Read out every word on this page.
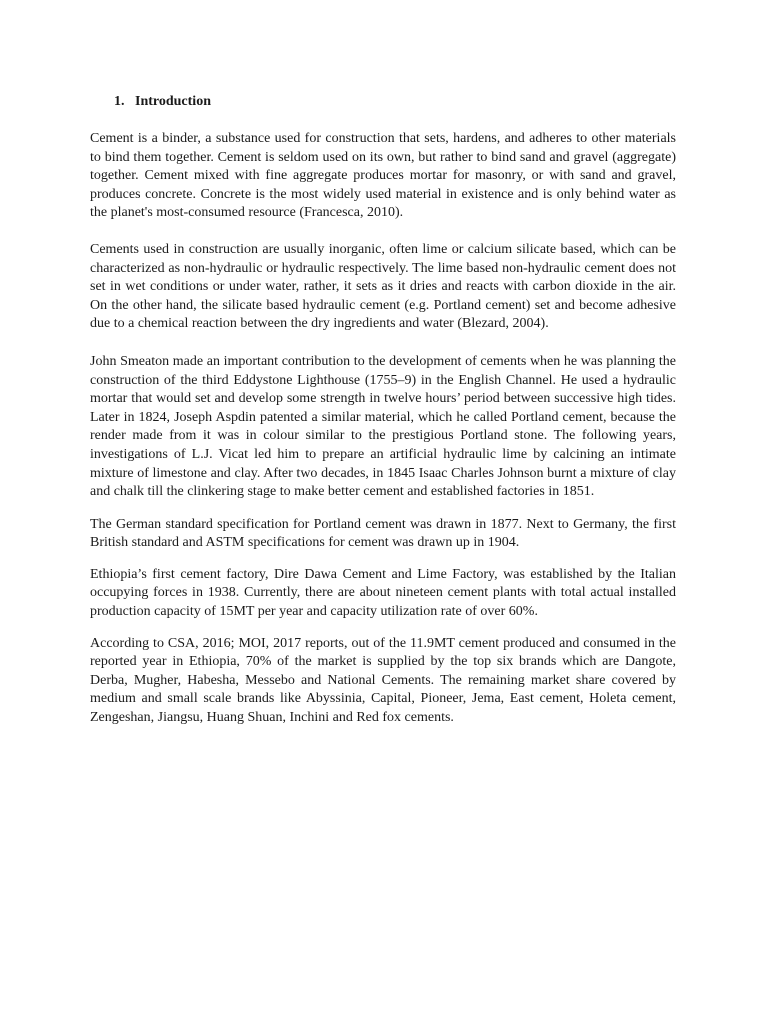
1. Introduction

Cement is a binder, a substance used for construction that sets, hardens, and adheres to other materials to bind them together. Cement is seldom used on its own, but rather to bind sand and gravel (aggregate) together. Cement mixed with fine aggregate produces mortar for masonry, or with sand and gravel, produces concrete. Concrete is the most widely used material in existence and is only behind water as the planet's most-consumed resource (Francesca, 2010).

Cements used in construction are usually inorganic, often lime or calcium silicate based, which can be characterized as non-hydraulic or hydraulic respectively. The lime based non-hydraulic cement does not set in wet conditions or under water, rather, it sets as it dries and reacts with carbon dioxide in the air. On the other hand, the silicate based hydraulic cement (e.g. Portland cement) set and become adhesive due to a chemical reaction between the dry ingredients and water (Blezard, 2004).

John Smeaton made an important contribution to the development of cements when he was planning the construction of the third Eddystone Lighthouse (1755–9) in the English Channel. He used a hydraulic mortar that would set and develop some strength in twelve hours’ period between successive high tides. Later in 1824, Joseph Aspdin patented a similar material, which he called Portland cement, because the render made from it was in colour similar to the prestigious Portland stone. The following years, investigations of L.J. Vicat led him to prepare an artificial hydraulic lime by calcining an intimate mixture of limestone and clay. After two decades, in 1845 Isaac Charles Johnson burnt a mixture of clay and chalk till the clinkering stage to make better cement and established factories in 1851.

The German standard specification for Portland cement was drawn in 1877. Next to Germany, the first British standard and ASTM specifications for cement was drawn up in 1904.

Ethiopia’s first cement factory, Dire Dawa Cement and Lime Factory, was established by the Italian occupying forces in 1938. Currently, there are about nineteen cement plants with total actual installed production capacity of 15MT per year and capacity utilization rate of over 60%.

According to CSA, 2016; MOI, 2017 reports, out of the 11.9MT cement produced and consumed in the reported year in Ethiopia, 70% of the market is supplied by the top six brands which are Dangote, Derba, Mugher, Habesha, Messebo and National Cements. The remaining market share covered by medium and small scale brands like Abyssinia, Capital, Pioneer, Jema, East cement, Holeta cement, Zengeshan, Jiangsu, Huang Shuan, Inchini and Red fox cements.
